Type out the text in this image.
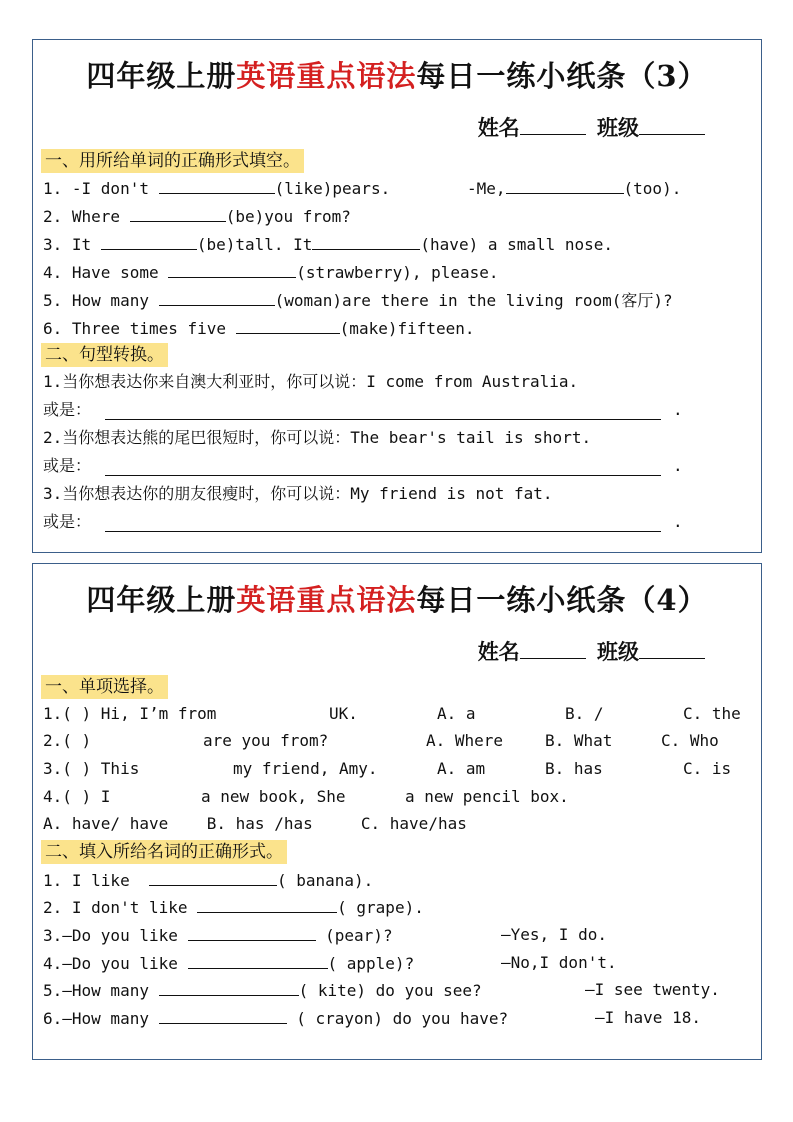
四年级上册英语重点语法每日一练小纸条（3）
姓名	班级
一、用所给单词的正确形式填空。
1. -I don't	(like)pears.	-Me,	(too).
2. Where	(be)you from?
3. It	(be)tall. It	(have) a small nose.
4. Have some	(strawberry), please.
5. How many	(woman)are there in the living room(客厅)?
6. Three times five	(make)fifteen.
二、句型转换。
1.当你想表达你来自澳大利亚时，你可以说：I come from Australia.
或是：	.
2.当你想表达熊的尾巴很短时，你可以说：The bear's tail is short.
或是：	.
3.当你想表达你的朋友很瘦时，你可以说：My friend is not fat.
或是：	.
四年级上册英语重点语法每日一练小纸条（4）
姓名	班级
一、单项选择。
1.( ) Hi, I’m from	UK.	A. a	B. /	C. the
2.( )	are you from?	A. Where	B. What	C. Who
3.( ) This	my friend, Amy.	A. am	B. has	C. is
4.( ) I	a new book, She	a new pencil box.
A. have/ have    B. has /has     C. have/has
二、填入所给名词的正确形式。
1. I like	( banana).
2. I don't like	( grape).
3.—Do you like	(pear)?	—Yes, I do.
4.—Do you like	( apple)?	—No,I don't.
5.—How many	( kite) do you see?	—I see twenty.
6.—How many	( crayon) do you have?	—I have 18.
